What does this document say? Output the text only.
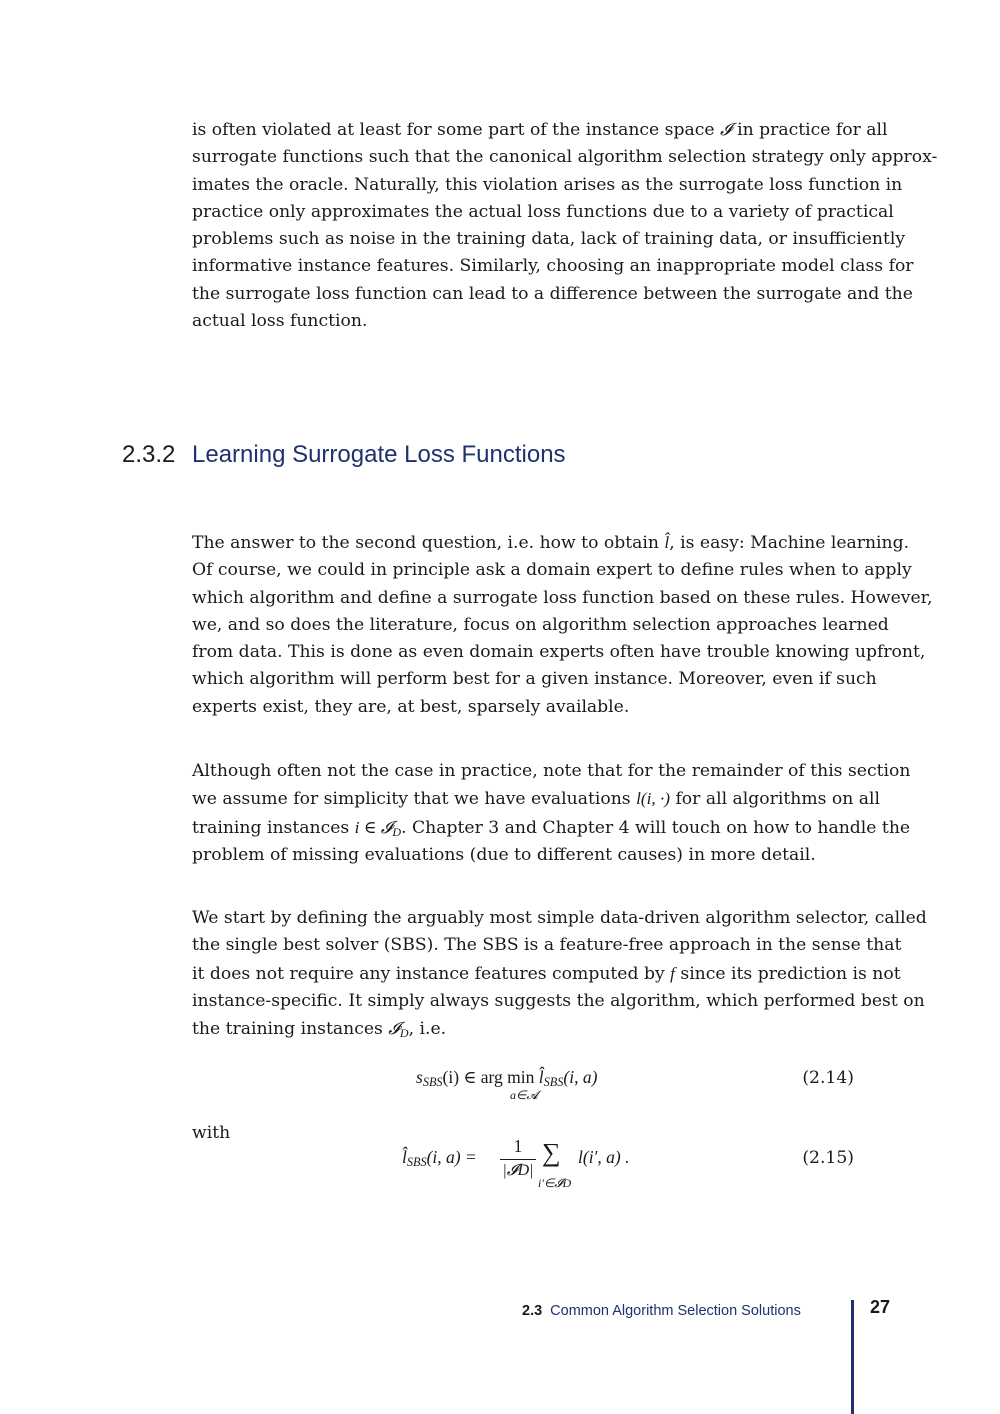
is often violated at least for some part of the instance space 𝓘 in practice for all
surrogate functions such that the canonical algorithm selection strategy only approx-
imates the oracle. Naturally, this violation arises as the surrogate loss function in
practice only approximates the actual loss functions due to a variety of practical
problems such as noise in the training data, lack of training data, or insufficiently
informative instance features. Similarly, choosing an inappropriate model class for
the surrogate loss function can lead to a difference between the surrogate and the
actual loss function.

2.3.2 Learning Surrogate Loss Functions

The answer to the second question, i.e. how to obtain l̂, is easy: Machine learning.
Of course, we could in principle ask a domain expert to define rules when to apply
which algorithm and define a surrogate loss function based on these rules. However,
we, and so does the literature, focus on algorithm selection approaches learned
from data. This is done as even domain experts often have trouble knowing upfront,
which algorithm will perform best for a given instance. Moreover, even if such
experts exist, they are, at best, sparsely available.

Although often not the case in practice, note that for the remainder of this section
we assume for simplicity that we have evaluations l(i, ·) for all algorithms on all
training instances i ∈ 𝓘$_D$. Chapter 3 and Chapter 4 will touch on how to handle the
problem of missing evaluations (due to different causes) in more detail.

We start by defining the arguably most simple data-driven algorithm selector, called
the single best solver (SBS). The SBS is a feature-free approach in the sense that
it does not require any instance features computed by f since its prediction is not
instance-specific. It simply always suggests the algorithm, which performed best on
the training instances 𝓘$_D$, i.e.

$s_{SBS}(i)$ ∈ arg $\min l̂_{SBS}(i$, a)
a∈𝓐
(2.14)
with
$l̂_{SBS}(i$, a) =
1
|𝓘D|
∑
i′∈𝓘D
l(i′, a) .	(2.15)
2.3 Common Algorithm Selection Solutions	27
